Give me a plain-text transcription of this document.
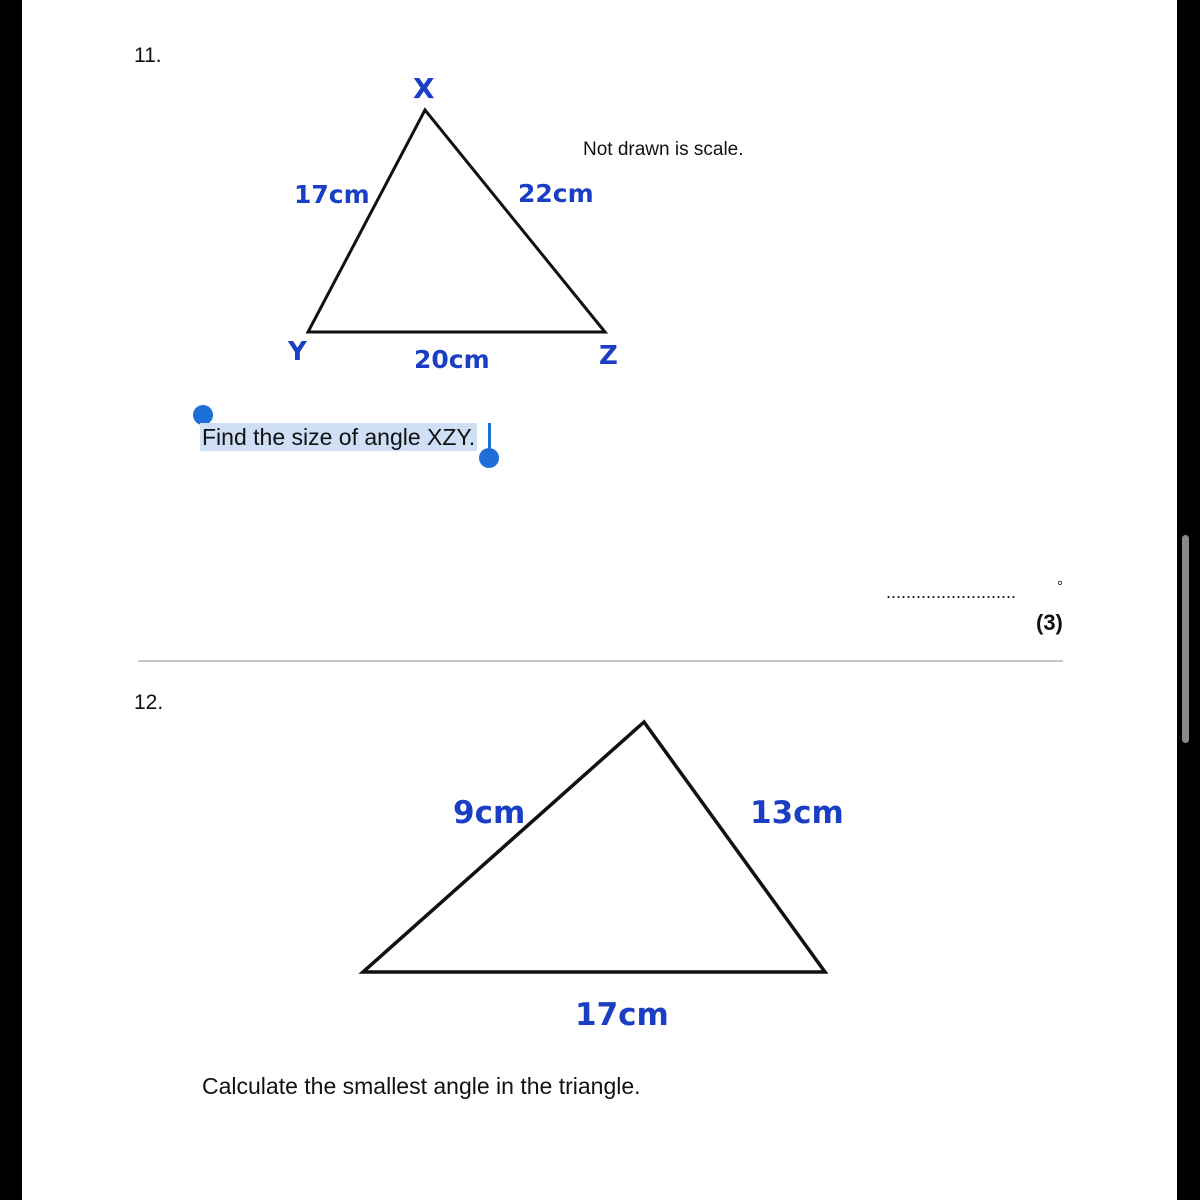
11.
X
Y	Z
17cm	22cm
20cm
9cm	13cm
17cm
Not drawn is scale.
Find the size of angle XZY.
..........................	°
(3)
12.
Calculate the smallest angle in the triangle.
